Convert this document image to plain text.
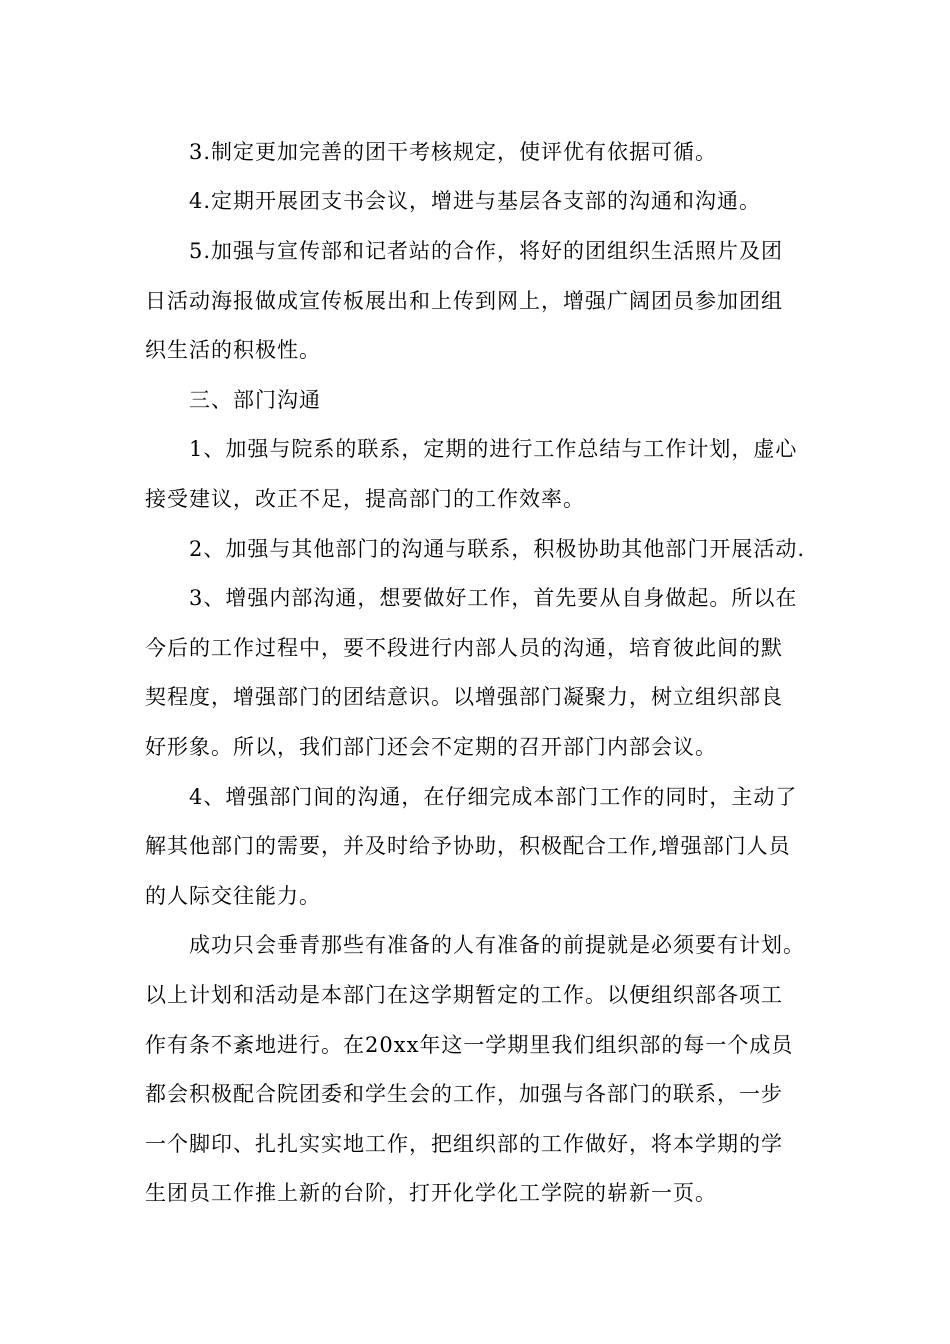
3.制定更加完善的团干考核规定，使评优有依据可循。
4.定期开展团支书会议，增进与基层各支部的沟通和沟通。
5.加强与宣传部和记者站的合作，将好的团组织生活照片及团
日活动海报做成宣传板展出和上传到网上，增强广阔团员参加团组
织生活的积极性。
三、部门沟通
1、加强与院系的联系，定期的进行工作总结与工作计划，虚心
接受建议，改正不足，提高部门的工作效率。
2、加强与其他部门的沟通与联系，积极协助其他部门开展活动.
3、增强内部沟通，想要做好工作，首先要从自身做起。所以在
今后的工作过程中，要不段进行内部人员的沟通，培育彼此间的默
契程度，增强部门的团结意识。以增强部门凝聚力，树立组织部良
好形象。所以，我们部门还会不定期的召开部门内部会议。
4、增强部门间的沟通，在仔细完成本部门工作的同时，主动了
解其他部门的需要，并及时给予协助，积极配合工作,增强部门人员
的人际交往能力。
成功只会垂青那些有准备的人有准备的前提就是必须要有计划。
以上计划和活动是本部门在这学期暂定的工作。以便组织部各项工
作有条不紊地进行。在20xx年这一学期里我们组织部的每一个成员
都会积极配合院团委和学生会的工作，加强与各部门的联系，一步
一个脚印、扎扎实实地工作，把组织部的工作做好，将本学期的学
生团员工作推上新的台阶，打开化学化工学院的崭新一页。
